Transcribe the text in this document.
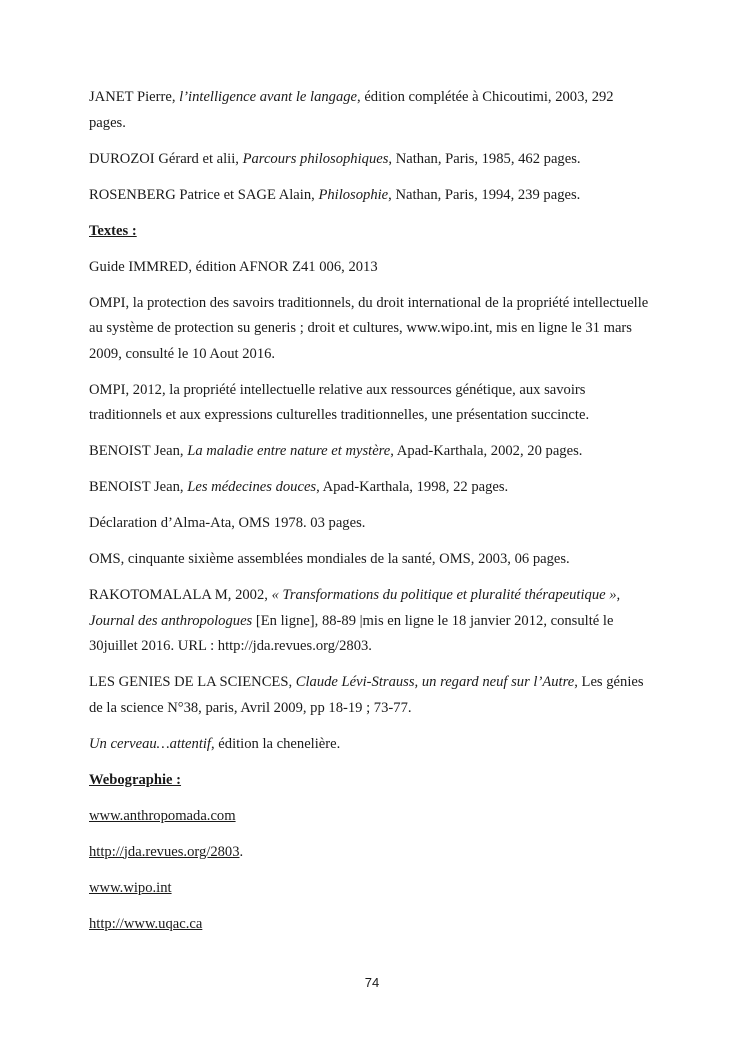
JANET Pierre, l’intelligence avant le langage, édition complétée à Chicoutimi, 2003, 292 pages.

DUROZOI Gérard et alii, Parcours philosophiques, Nathan, Paris, 1985, 462 pages.

ROSENBERG Patrice et SAGE Alain, Philosophie, Nathan, Paris, 1994, 239 pages.

Textes :

Guide IMMRED, édition AFNOR Z41 006, 2013

OMPI, la protection des savoirs traditionnels, du droit international de la propriété intellectuelle au système de protection su generis ; droit et cultures, www.wipo.int, mis en ligne le 31 mars 2009, consulté le 10 Aout 2016.

OMPI, 2012, la propriété intellectuelle relative aux ressources génétique, aux savoirs traditionnels et aux expressions culturelles traditionnelles, une présentation succincte.

BENOIST Jean, La maladie entre nature et mystère, Apad-Karthala, 2002, 20 pages.

BENOIST Jean, Les médecines douces, Apad-Karthala, 1998, 22 pages.

Déclaration d’Alma-Ata, OMS 1978. 03 pages.

OMS, cinquante sixième assemblées mondiales de la santé, OMS, 2003, 06 pages.

RAKOTOMALALA M, 2002, « Transformations du politique et pluralité thérapeutique », Journal des anthropologues [En ligne], 88-89 |mis en ligne le 18 janvier 2012, consulté le 30juillet 2016. URL : http://jda.revues.org/2803.

LES GENIES DE LA SCIENCES, Claude Lévi-Strauss, un regard neuf sur l’Autre, Les génies de la science N°38, paris, Avril 2009, pp 18-19 ; 73-77.

Un cerveau…attentif, édition la chenelière.

Webographie :

www.anthropomada.com

http://jda.revues.org/2803.

www.wipo.int

http://www.uqac.ca

74
